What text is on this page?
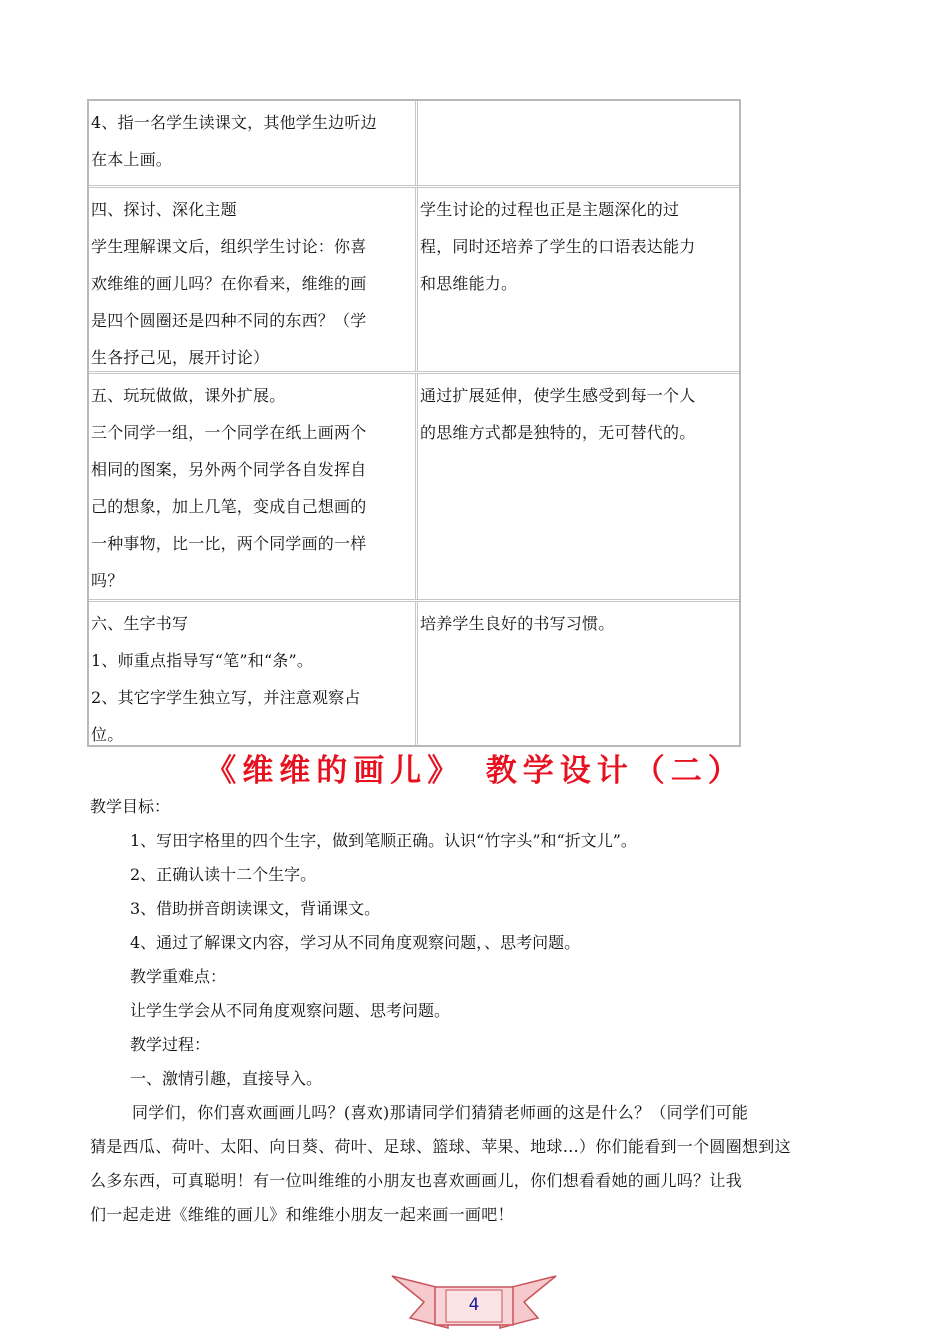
4、指一名学生读课文，其他学生边听边
在本上画。
四、探讨、深化主题
学生理解课文后，组织学生讨论：你喜
欢维维的画儿吗？在你看来，维维的画
是四个圆圈还是四种不同的东西？（学
生各抒己见，展开讨论）
学生讨论的过程也正是主题深化的过
程，同时还培养了学生的口语表达能力
和思维能力。
五、玩玩做做，课外扩展。
三个同学一组，一个同学在纸上画两个
相同的图案，另外两个同学各自发挥自
己的想象，加上几笔，变成自己想画的
一种事物，比一比，两个同学画的一样
吗？
通过扩展延伸，使学生感受到每一个人
的思维方式都是独特的，无可替代的。
六、生字书写
1、师重点指导写“笔”和“条”。
2、其它字学生独立写，并注意观察占
位。
培养学生良好的书写习惯。
《维维的画儿》　教学设计（二）
教学目标：
1、写田字格里的四个生字，做到笔顺正确。认识“竹字头”和“折文儿”。
2、正确认读十二个生字。
3、借助拼音朗读课文，背诵课文。
4、通过了解课文内容，学习从不同角度观察问题，、思考问题。
教学重难点：
让学生学会从不同角度观察问题、思考问题。
教学过程：
一、激情引趣，直接导入。
同学们，你们喜欢画画儿吗？(喜欢)那请同学们猜猜老师画的这是什么？（同学们可能
猜是西瓜、荷叶、太阳、向日葵、荷叶、足球、篮球、苹果、地球…）你们能看到一个圆圈想到这
么多东西，可真聪明！有一位叫维维的小朋友也喜欢画画儿，你们想看看她的画儿吗？让我
们一起走进《维维的画儿》和维维小朋友一起来画一画吧！
4
